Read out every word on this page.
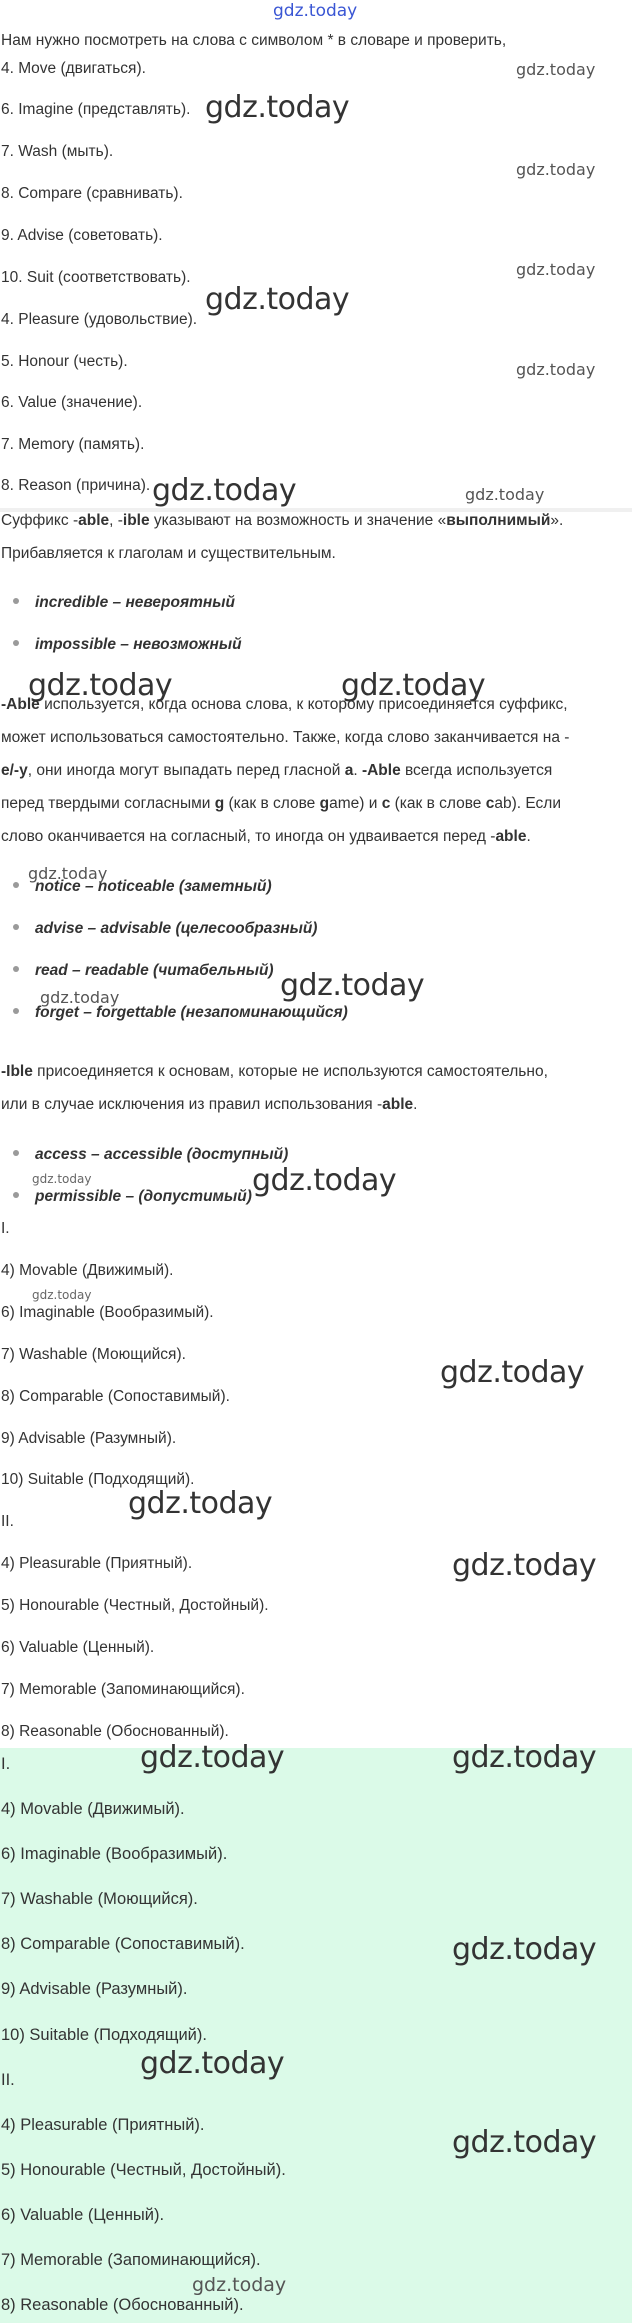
gdz.today
Нам нужно посмотреть на слова с символом * в словаре и проверить,
4. Move (двигаться).
6. Imagine (представлять).
7. Wash (мыть).
8. Compare (сравнивать).
9. Advise (советовать).
10. Suit (соответствовать).
4. Pleasure (удовольствие).
5. Honour (честь).
6. Value (значение).
7. Memory (память).
8. Reason (причина).
Суффикс -able, -ible указывают на возможность и значение «выполнимый».
Прибавляется к глаголам и существительным.
incredible – невероятный
impossible – невозможный
-Able используется, когда основа слова, к которому присоединяется суффикс,
может использоваться самостоятельно. Также, когда слово заканчивается на -
e/-y, они иногда могут выпадать перед гласной a. -Able всегда используется
перед твердыми согласными g (как в слове game) и c (как в слове cab). Если
слово оканчивается на согласный, то иногда он удваивается перед -able.
notice – noticeable (заметный)
advise – advisable (целесообразный)
read – readable (читабельный)
forget – forgettable (незапоминающийся)
-Ible присоединяется к основам, которые не используются самостоятельно,
или в случае исключения из правил использования -able.
access – accessible (доступный)
permissible – (допустимый)
I.
4) Movable (Движимый).
6) Imaginable (Вообразимый).
7) Washable (Моющийся).
8) Comparable (Сопоставимый).
9) Advisable (Разумный).
10) Suitable (Подходящий).
II.
4) Pleasurable (Приятный).
5) Honourable (Честный, Достойный).
6) Valuable (Ценный).
7) Memorable (Запоминающийся).
8) Reasonable (Обоснованный).
I.
4) Movable (Движимый).
6) Imaginable (Вообразимый).
7) Washable (Моющийся).
8) Comparable (Сопоставимый).
9) Advisable (Разумный).
10) Suitable (Подходящий).
II.
4) Pleasurable (Приятный).
5) Honourable (Честный, Достойный).
6) Valuable (Ценный).
7) Memorable (Запоминающийся).
8) Reasonable (Обоснованный).
gdz.today
gdz.today
gdz.today
gdz.today
gdz.today
gdz.today
gdz.today	gdz.today
gdz.today	gdz.today
gdz.today
gdz.today
gdz.today
gdz.today	gdz.today
gdz.today
gdz.today
gdz.today
gdz.today
gdz.today	gdz.today
gdz.today
gdz.today
gdz.today
gdz.today
